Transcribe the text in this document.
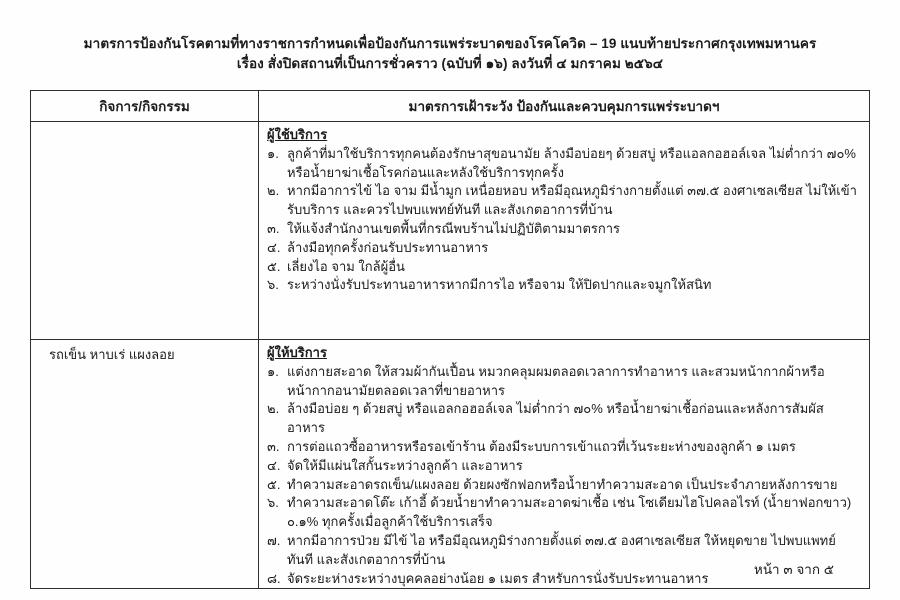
มาตรการป้องกันโรคตามที่ทางราชการกำหนดเพื่อป้องกันการแพร่ระบาดของโรคโควิด – 19 แนบท้ายประกาศกรุงเทพมหานคร
เรื่อง สั่งปิดสถานที่เป็นการชั่วคราว (ฉบับที่ ๑๖) ลงวันที่ ๔ มกราคม ๒๕๖๔
กิจการ/กิจกรรม	มาตรการเฝ้าระวัง ป้องกันและควบคุมการแพร่ระบาดฯ

ผู้ใช้บริการ
๑. ลูกค้าที่มาใช้บริการทุกคนต้องรักษาสุขอนามัย ล้างมือบ่อยๆ ด้วยสบู่ หรือแอลกอฮอล์เจล ไม่ต่ำกว่า ๗๐% หรือน้ำยาฆ่าเชื้อโรคก่อนและหลังใช้บริการทุกครั้ง
๒. หากมีอาการไข้ ไอ จาม มีน้ำมูก เหนื่อยหอบ หรือมีอุณหภูมิร่างกายตั้งแต่ ๓๗.๕ องศาเซลเซียส ไม่ให้เข้ารับบริการ และควรไปพบแพทย์ทันที และสังเกตอาการที่บ้าน
๓. ให้แจ้งสำนักงานเขตพื้นที่กรณีพบร้านไม่ปฏิบัติตามมาตรการ
๔. ล้างมือทุกครั้งก่อนรับประทานอาหาร
๕. เลี่ยงไอ จาม ใกล้ผู้อื่น
๖. ระหว่างนั่งรับประทานอาหารหากมีการไอ หรือจาม ให้ปิดปากและจมูกให้สนิท

รถเข็น หาบเร่ แผงลอย	ผู้ให้บริการ
๑. แต่งกายสะอาด ให้สวมผ้ากันเปื้อน หมวกคลุมผมตลอดเวลาการทำอาหาร และสวมหน้ากากผ้าหรือหน้ากากอนามัยตลอดเวลาที่ขายอาหาร
๒. ล้างมือบ่อย ๆ ด้วยสบู่ หรือแอลกอฮอล์เจล ไม่ต่ำกว่า ๗๐% หรือน้ำยาฆ่าเชื้อก่อนและหลังการสัมผัสอาหาร
๓. การต่อแถวซื้ออาหารหรือรอเข้าร้าน ต้องมีระบบการเข้าแถวที่เว้นระยะห่างของลูกค้า ๑ เมตร
๔. จัดให้มีแผ่นใสกั้นระหว่างลูกค้า และอาหาร
๕. ทำความสะอาดรถเข็น/แผงลอย ด้วยผงซักฟอกหรือน้ำยาทำความสะอาด เป็นประจำภายหลังการขาย
๖. ทำความสะอาดโต๊ะ เก้าอี้ ด้วยน้ำยาทำความสะอาดฆ่าเชื้อ เช่น โซเดียมไฮโปคลอไรท์ (น้ำยาฟอกขาว) ๐.๑% ทุกครั้งเมื่อลูกค้าใช้บริการเสร็จ
๗. หากมีอาการป่วย มีไข้ ไอ หรือมีอุณหภูมิร่างกายตั้งแต่ ๓๗.๕ องศาเซลเซียส ให้หยุดขาย ไปพบแพทย์ทันที และสังเกตอาการที่บ้าน
๘. จัดระยะห่างระหว่างบุคคลอย่างน้อย ๑ เมตร สำหรับการนั่งรับประทานอาหาร
หน้า ๓ จาก ๕
